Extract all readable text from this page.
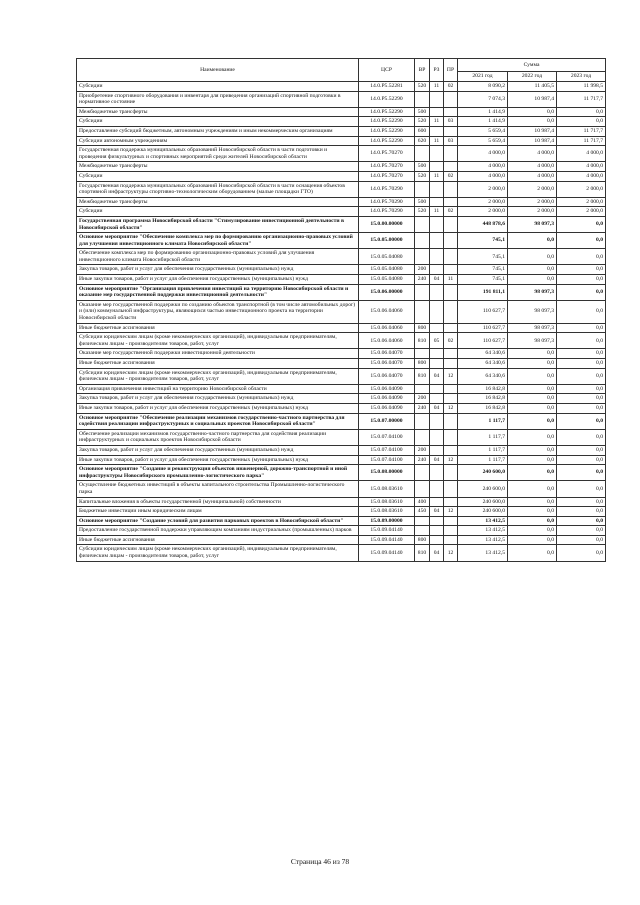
Наименование	ЦСР	ВР	РЗ	ПР	Сумма		
					2021 год	2022 год	2023 год
Субсидии	14.0.P5.52281	520	11	02	8 090,2	11 405,5	11 998,5
Приобретение спортивного оборудования и инвентаря для приведения организаций спортивной подготовки в нормативное состояние	14.0.P5.52290				7 074,3	10 987,4	11 717,7
Межбюджетные трансферты	14.0.P5.52290	500			1 414,9	0,0	0,0
Субсидии	14.0.P5.52290	520	11	03	1 414,9	0,0	0,0
Предоставление субсидий бюджетным, автономным учреждениям и иным некоммерческим организациям	14.0.P5.52290	600			5 659,4	10 987,4	11 717,7
Субсидии автономным учреждениям	14.0.P5.52290	620	11	03	5 659,4	10 987,4	11 717,7
Государственная поддержка муниципальных образований Новосибирской области в части подготовки и проведения физкультурных и спортивных мероприятий среди жителей Новосибирской области	14.0.P5.70270				4 000,0	4 000,0	4 000,0
Межбюджетные трансферты	14.0.P5.70270	500			4 000,0	4 000,0	4 000,0
Субсидии	14.0.P5.70270	520	11	02	4 000,0	4 000,0	4 000,0
Государственная поддержка муниципальных образований Новосибирской области в части оснащения объектов спортивной инфраструктуры спортивно-технологическим оборудованием (малые площадки ГТО)	14.0.P5.70290				2 000,0	2 000,0	2 000,0
Межбюджетные трансферты	14.0.P5.70290	500			2 000,0	2 000,0	2 000,0
Субсидии	14.0.P5.70290	520	11	02	2 000,0	2 000,0	2 000,0
Государственная программа Новосибирской области "Стимулирование инвестиционной деятельности в Новосибирской области"	15.0.00.00000				448 878,6	98 097,3	0,0
Основное мероприятие "Обеспечение комплекса мер по формированию организационно-правовых условий для улучшения инвестиционного климата Новосибирской области"	15.0.05.00000				745,1	0,0	0,0
Обеспечение комплекса мер по формированию организационно-правовых условий для улучшения инвестиционного климата Новосибирской области	15.0.05.04080				745,1	0,0	0,0
Закупка товаров, работ и услуг для обеспечения государственных (муниципальных) нужд	15.0.05.04080	200			745,1	0,0	0,0
Иные закупки товаров, работ и услуг для обеспечения государственных (муниципальных) нужд	15.0.05.04080	240	04	11	745,1	0,0	0,0
Основное мероприятие "Организация привлечения инвестиций на территорию Новосибирской области и оказание мер государственной поддержки инвестиционной деятельности"	15.0.06.00000				191 811,1	98 097,3	0,0
Оказание мер государственной поддержки по созданию объектов транспортной (в том числе автомобильных дорог) и (или) коммунальной инфраструктуры, являющихся частью инвестиционного проекта на территории Новосибирской области	15.0.06.04060				110 627,7	98 097,3	0,0
Иные бюджетные ассигнования	15.0.06.04060	800			110 627,7	98 097,3	0,0
Субсидии юридическим лицам (кроме некоммерческих организаций), индивидуальным предпринимателям, физическим лицам - производителям товаров, работ, услуг	15.0.06.04060	810	05	02	110 627,7	98 097,3	0,0
Оказание мер государственной поддержки инвестиционной деятельности	15.0.06.04070				64 340,6	0,0	0,0
Иные бюджетные ассигнования	15.0.06.04070	800			64 340,6	0,0	0,0
Субсидии юридическим лицам (кроме некоммерческих организаций), индивидуальным предпринимателям, физическим лицам - производителям товаров, работ, услуг	15.0.06.04070	810	04	12	64 340,6	0,0	0,0
Организация привлечения инвестиций на территорию Новосибирской области	15.0.06.04090				16 842,8	0,0	0,0
Закупка товаров, работ и услуг для обеспечения государственных (муниципальных) нужд	15.0.06.04090	200			16 842,8	0,0	0,0
Иные закупки товаров, работ и услуг для обеспечения государственных (муниципальных) нужд	15.0.06.04090	240	04	12	16 842,8	0,0	0,0
Основное мероприятие "Обеспечение реализации механизмов государственно-частного партнерства для содействия реализации инфраструктурных и социальных проектов Новосибирской области"	15.0.07.00000				1 117,7	0,0	0,0
Обеспечение реализации механизмов государственно-частного партнерства для содействия реализации инфраструктурных и социальных проектов Новосибирской области	15.0.07.04100				1 117,7	0,0	0,0
Закупка товаров, работ и услуг для обеспечения государственных (муниципальных) нужд	15.0.07.04100	200			1 117,7	0,0	0,0
Иные закупки товаров, работ и услуг для обеспечения государственных (муниципальных) нужд	15.0.07.04100	240	04	12	1 117,7	0,0	0,0
Основное мероприятие "Создание и реконструкция объектов инженерной, дорожно-транспортной и иной инфраструктуры Новосибирского промышленно-логистического парка"	15.0.08.00000				240 600,0	0,0	0,0
Осуществление бюджетных инвестиций в объекты капитального строительства Промышленно-логистического парка	15.0.08.03610				240 600,0	0,0	0,0
Капитальные вложения в объекты государственной (муниципальной) собственности	15.0.08.03610	400			240 600,0	0,0	0,0
Бюджетные инвестиции иным юридическим лицам	15.0.08.03610	450	04	12	240 600,0	0,0	0,0
Основное мероприятие "Создание условий для развития парковых проектов в Новосибирской области"	15.0.09.00000				13 412,5	0,0	0,0
Предоставление государственной поддержки управляющим компаниям индустриальных (промышленных) парков	15.0.09.04140				13 412,5	0,0	0,0
Иные бюджетные ассигнования	15.0.09.04140	800			13 412,5	0,0	0,0
Субсидии юридическим лицам (кроме некоммерческих организаций), индивидуальным предпринимателям, физическим лицам - производителям товаров, работ, услуг	15.0.09.04140	810	04	12	13 412,5	0,0	0,0
Страница 46 из 78
